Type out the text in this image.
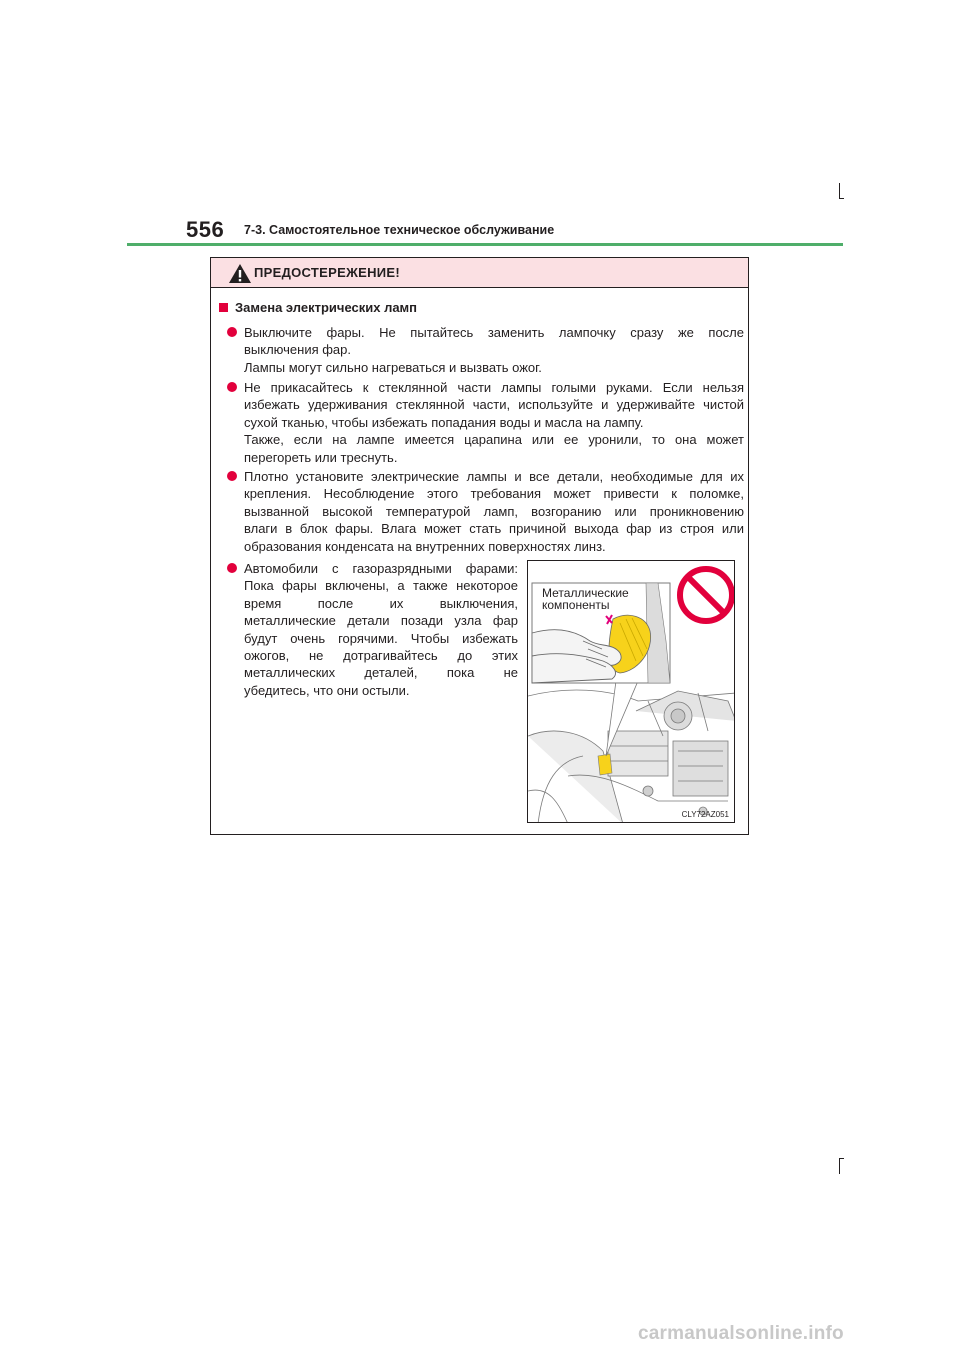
556 7-3. Самостоятельное техническое обслуживание
ПРЕДОСТЕРЕЖЕНИЕ!
Замена электрических ламп
Выключите фары. Не пытайтесь заменить лампочку сразу же после
выключения фар.
Лампы могут сильно нагреваться и вызвать ожог.
Не прикасайтесь к стеклянной части лампы голыми руками. Если нельзя
избежать удерживания стеклянной части, используйте и удерживайте чистой
сухой тканью, чтобы избежать попадания воды и масла на лампу.
Также, если на лампе имеется царапина или ее уронили, то она может
перегореть или треснуть.
Плотно установите электрические лампы и все детали, необходимые для их
крепления. Несоблюдение этого требования может привести к поломке,
вызванной высокой температурой ламп, возгоранию или проникновению
влаги в блок фары. Влага может стать причиной выхода фар из строя или
образования конденсата на внутренних поверхностях линз.
Автомобили с газоразрядными фарами:
Пока фары включены, а также некоторое
время после их выключения,
металлические детали позади узла фар
будут очень горячими. Чтобы избежать
ожогов, не дотрагивайтесь до этих
металлических деталей, пока не
убедитесь, что они остыли.
Металлические
компоненты
CLY72AZ051
carmanualsonline.info
